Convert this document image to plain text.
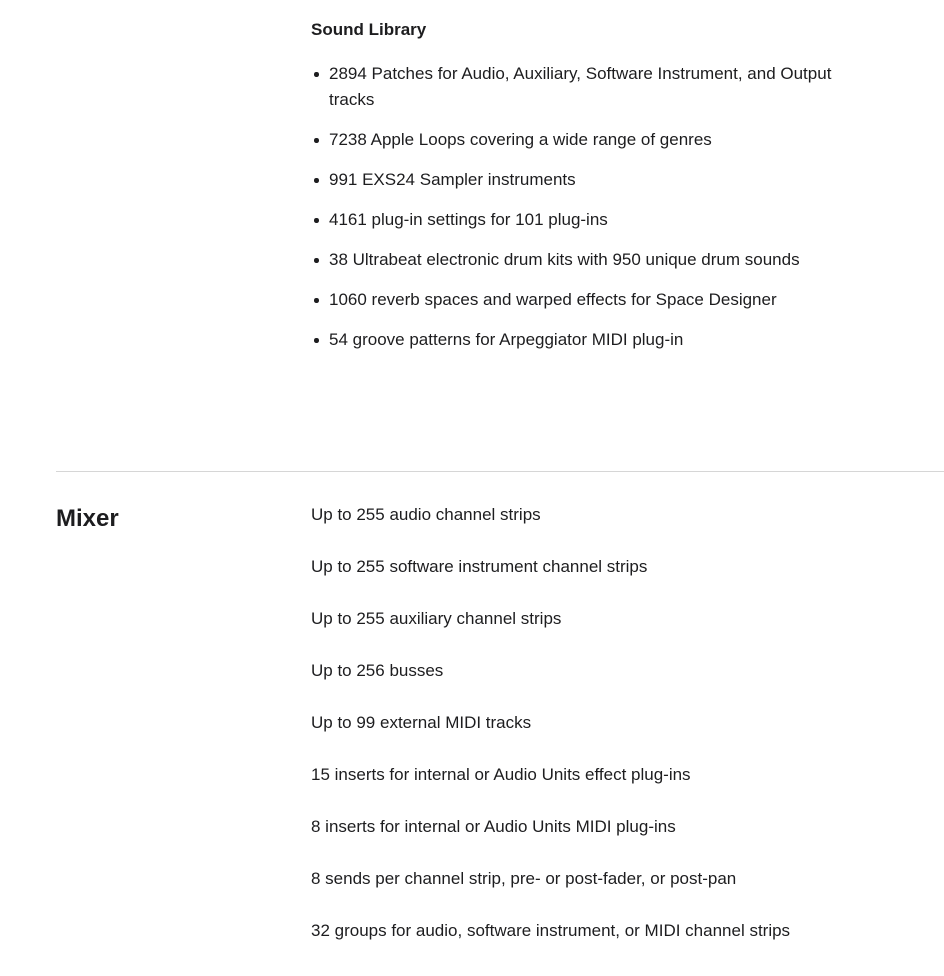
Sound Library
2894 Patches for Audio, Auxiliary, Software Instrument, and Output tracks
7238 Apple Loops covering a wide range of genres
991 EXS24 Sampler instruments
4161 plug-in settings for 101 plug-ins
38 Ultrabeat electronic drum kits with 950 unique drum sounds
1060 reverb spaces and warped effects for Space Designer
54 groove patterns for Arpeggiator MIDI plug-in
Mixer	Up to 255 audio channel strips

Up to 255 software instrument channel strips

Up to 255 auxiliary channel strips

Up to 256 busses

Up to 99 external MIDI tracks

15 inserts for internal or Audio Units effect plug-ins

8 inserts for internal or Audio Units MIDI plug-ins

8 sends per channel strip, pre- or post-fader, or post-pan

32 groups for audio, software instrument, or MIDI channel strips
